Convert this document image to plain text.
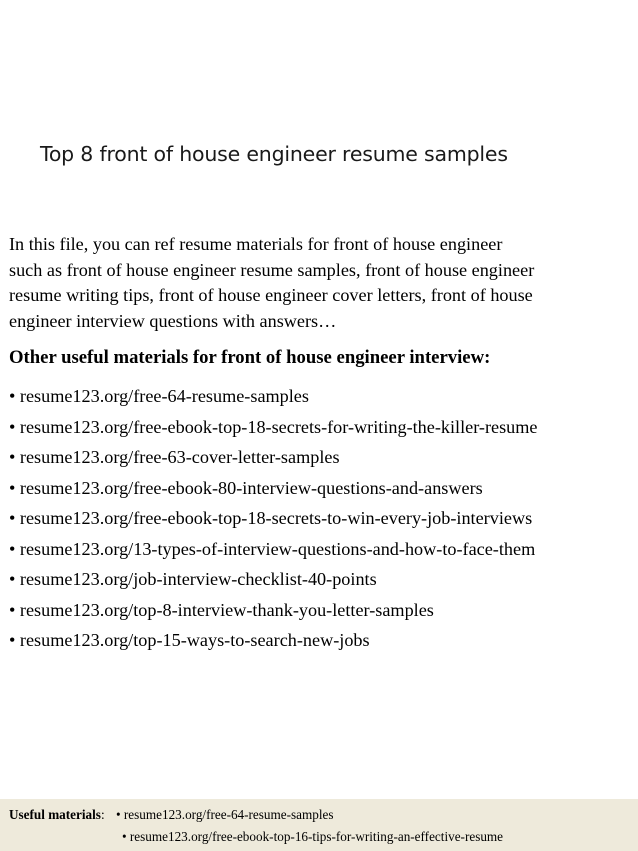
Top 8 front of house engineer resume samples

In this file, you can ref resume materials for front of house engineer
such as front of house engineer resume samples, front of house engineer
resume writing tips, front of house engineer cover letters, front of house
engineer interview questions with answers…

Other useful materials for front of house engineer interview:
• resume123.org/free-64-resume-samples
• resume123.org/free-ebook-top-18-secrets-for-writing-the-killer-resume
• resume123.org/free-63-cover-letter-samples
• resume123.org/free-ebook-80-interview-questions-and-answers
• resume123.org/free-ebook-top-18-secrets-to-win-every-job-interviews
• resume123.org/13-types-of-interview-questions-and-how-to-face-them
• resume123.org/job-interview-checklist-40-points
• resume123.org/top-8-interview-thank-you-letter-samples
• resume123.org/top-15-ways-to-search-new-jobs
Useful materials: • resume123.org/free-64-resume-samples
• resume123.org/free-ebook-top-16-tips-for-writing-an-effective-resume
